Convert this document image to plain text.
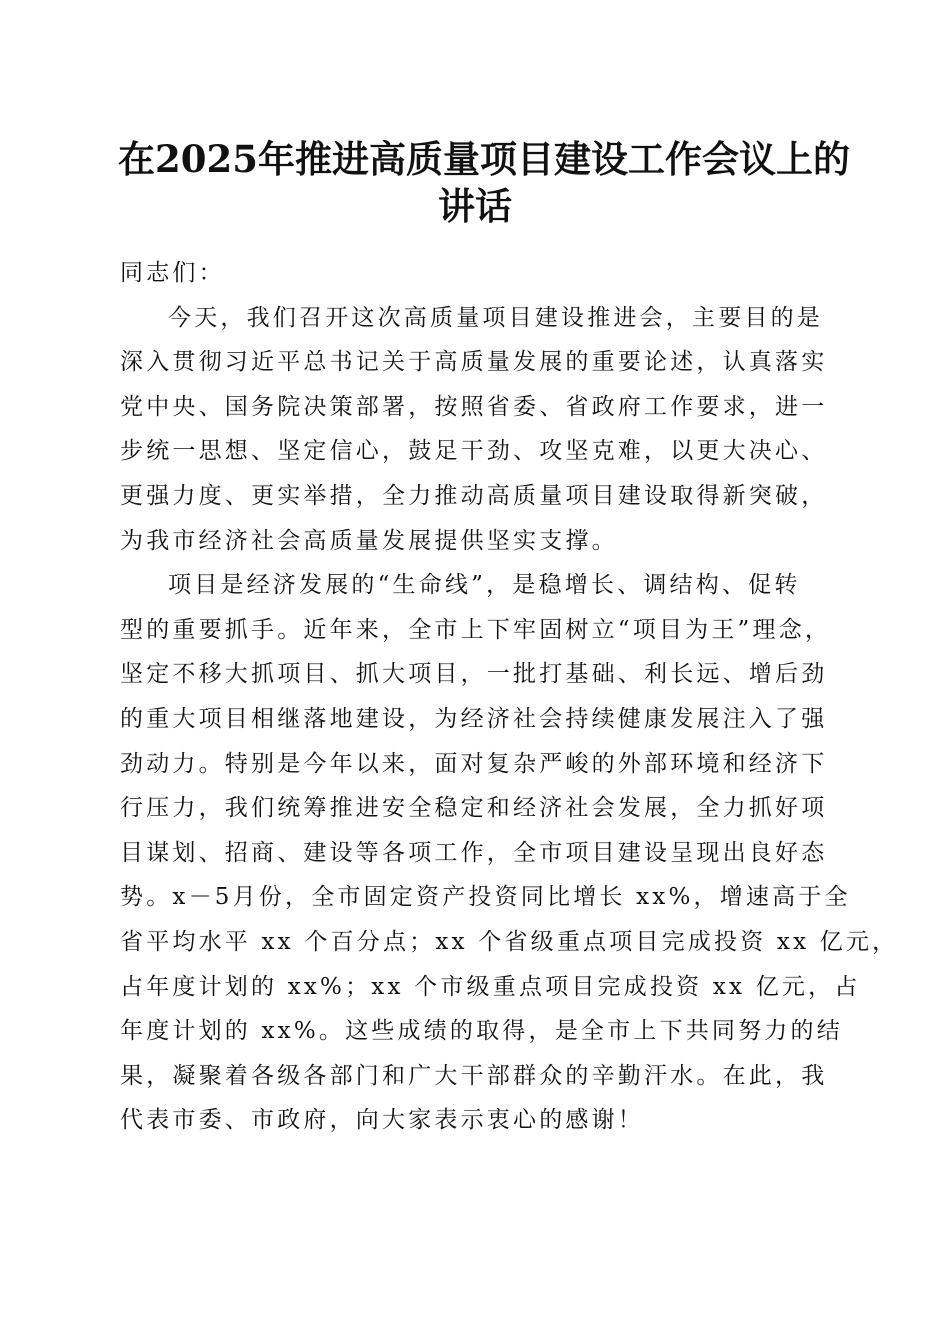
在2025年推进高质量项目建设工作会议上的
讲话
同志们：
今天，我们召开这次高质量项目建设推进会，主要目的是
深入贯彻习近平总书记关于高质量发展的重要论述，认真落实
党中央、国务院决策部署，按照省委、省政府工作要求，进一
步统一思想、坚定信心，鼓足干劲、攻坚克难，以更大决心、
更强力度、更实举措，全力推动高质量项目建设取得新突破，
为我市经济社会高质量发展提供坚实支撑。
项目是经济发展的“生命线”，是稳增长、调结构、促转
型的重要抓手。近年来，全市上下牢固树立“项目为王”理念，
坚定不移大抓项目、抓大项目，一批打基础、利长远、增后劲
的重大项目相继落地建设，为经济社会持续健康发展注入了强
劲动力。特别是今年以来，面对复杂严峻的外部环境和经济下
行压力，我们统筹推进安全稳定和经济社会发展，全力抓好项
目谋划、招商、建设等各项工作，全市项目建设呈现出良好态
势。x－5月份，全市固定资产投资同比增长 xx%，增速高于全
省平均水平 xx 个百分点；xx 个省级重点项目完成投资 xx 亿元，
占年度计划的 xx%；xx 个市级重点项目完成投资 xx 亿元，占
年度计划的 xx%。这些成绩的取得，是全市上下共同努力的结
果，凝聚着各级各部门和广大干部群众的辛勤汗水。在此，我
代表市委、市政府，向大家表示衷心的感谢！
